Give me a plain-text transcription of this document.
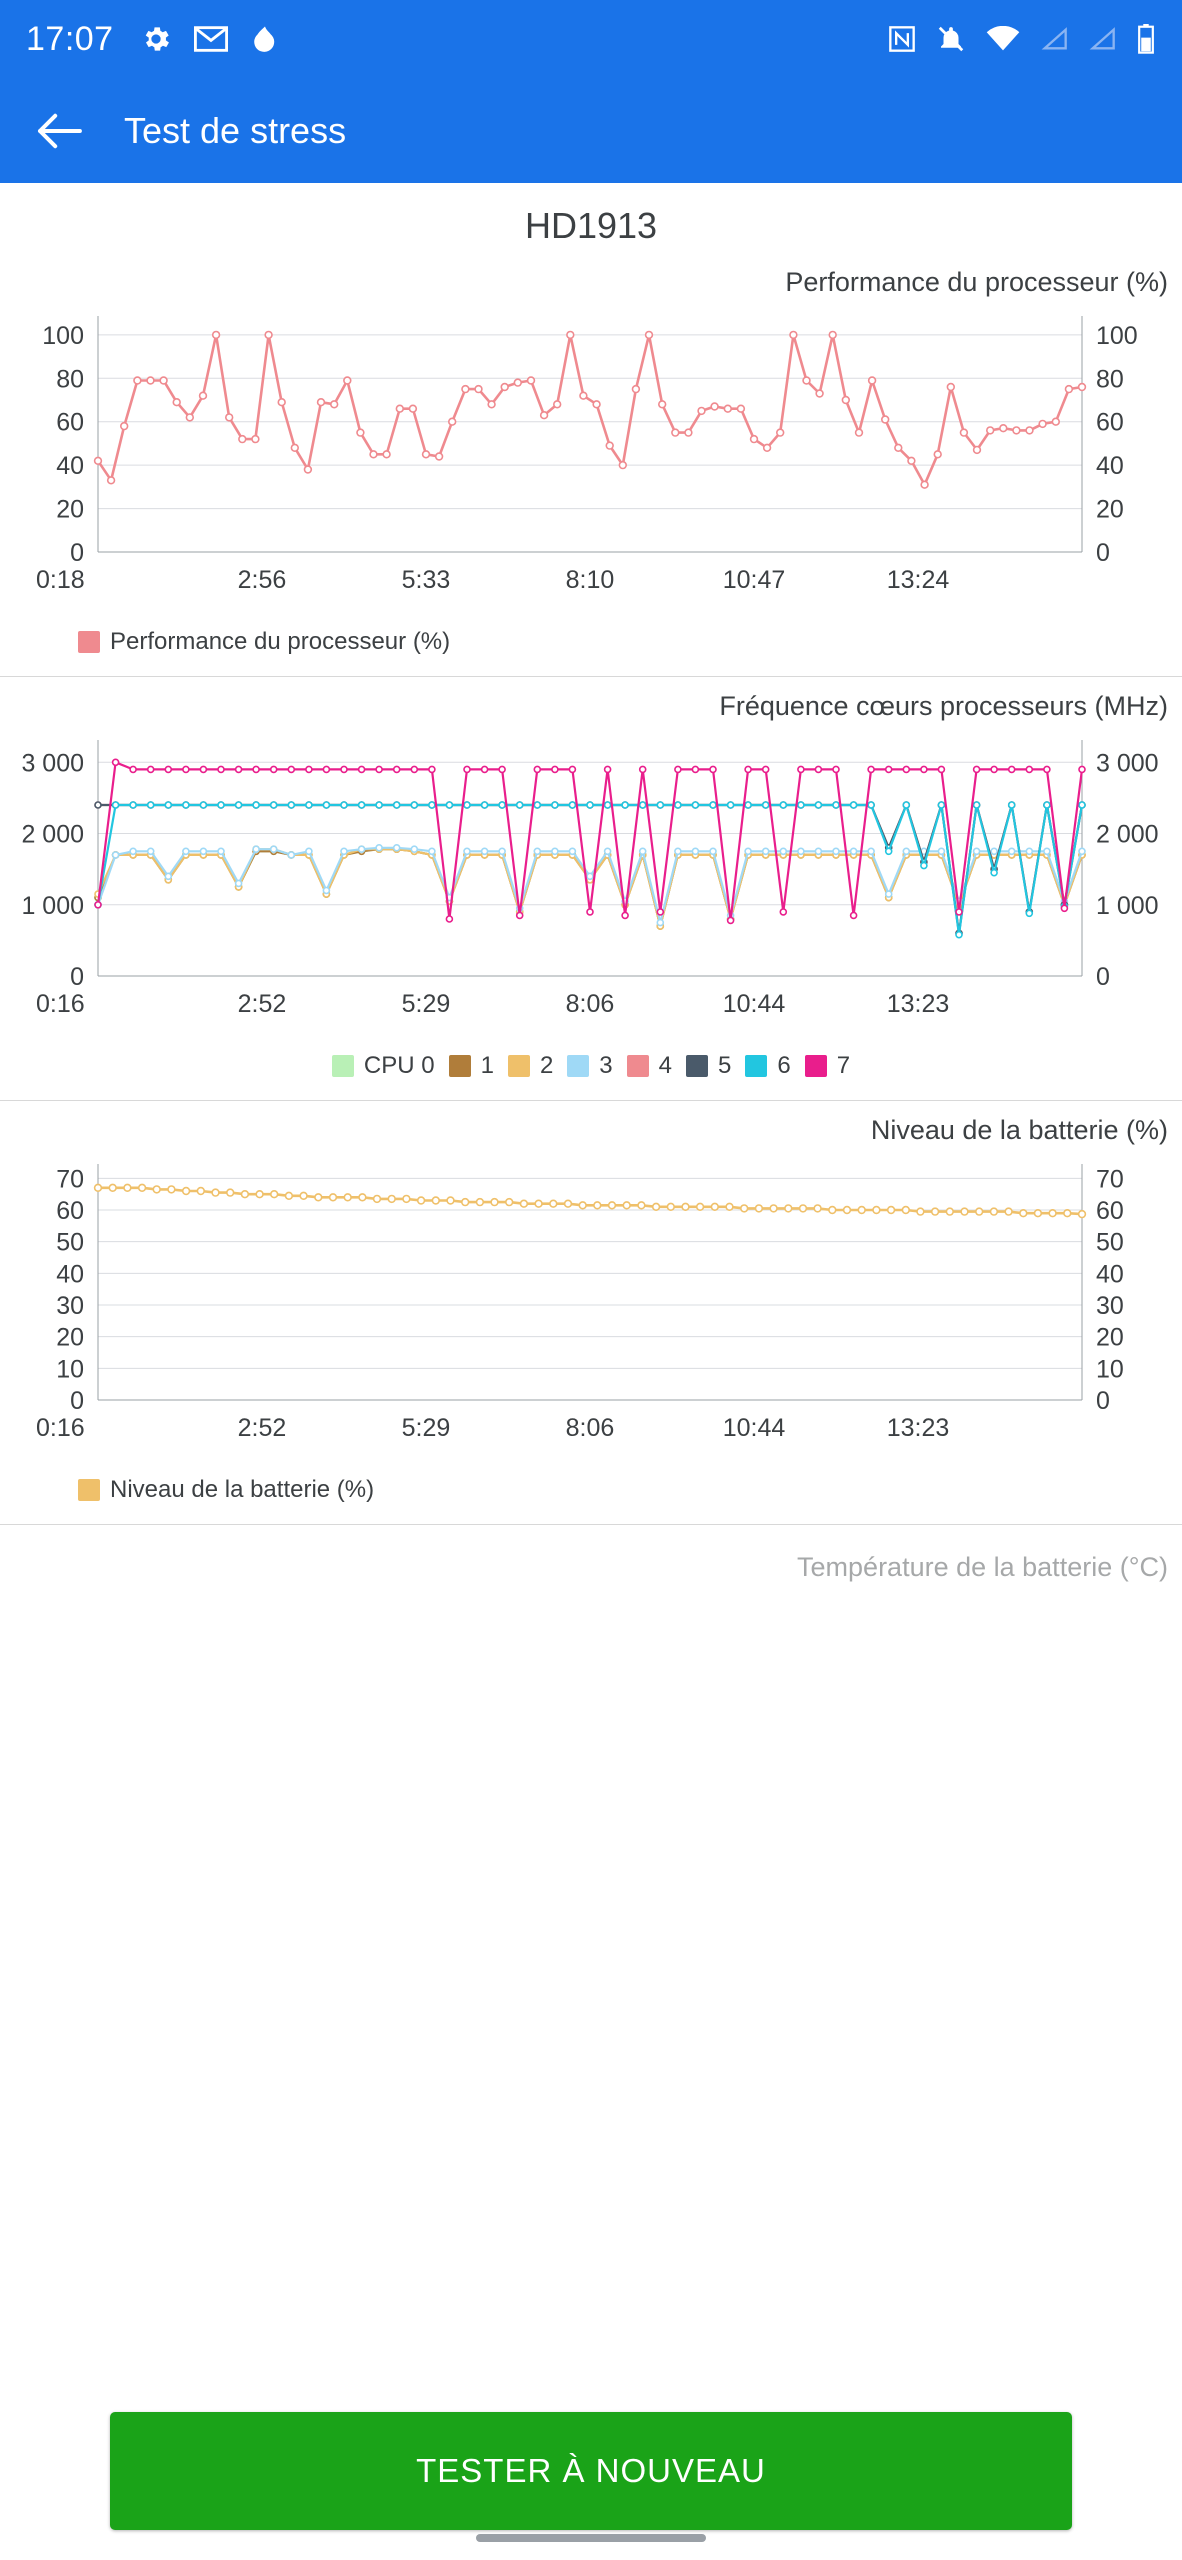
17:07
Test de stress
HD1913
Performance du processeur (%)
0	0
20	20
40	40
60	60
80	80
100	100
0:18	2:56	5:33	8:10	10:47	13:24
Performance du processeur (%)
Fréquence cœurs processeurs (MHz)
0	0
1 000	1 000
2 000	2 000
3 000	3 000
0:16	2:52	5:29	8:06	10:44	13:23
CPU 0 1 2 3 4 5 6 7
Niveau de la batterie (%)
0	0
10	10
20	20
30	30
40	40
50	50
60	60
70	70
0:16	2:52	5:29	8:06	10:44	13:23
Niveau de la batterie (%)
Température de la batterie (°C)
TESTER À NOUVEAU
